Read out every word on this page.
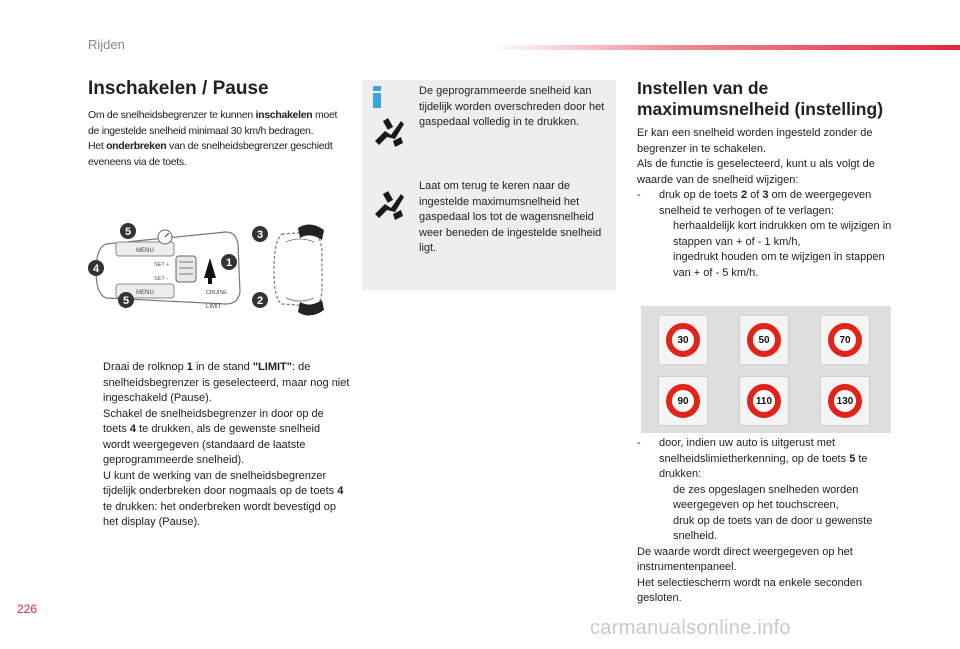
Rijden
Inschakelen / Pause
Om de snelheidsbegrenzer te kunnen inschakelen moet de ingestelde snelheid minimaal 30 km/h bedragen.
Het onderbreken van de snelheidsbegrenzer geschiedt eveneens via de toets.
MENU
MENU
SET +
SET -
LIMIT
CRUISE
5
4	1
5
3
2
Draai de rolknop 1 in de stand "LIMIT": de snelheidsbegrenzer is geselecteerd, maar nog niet ingeschakeld (Pause).
Schakel de snelheidsbegrenzer in door op de toets 4 te drukken, als de gewenste snelheid wordt weergegeven (standaard de laatste geprogrammeerde snelheid).
U kunt de werking van de snelheidsbegrenzer tijdelijk onderbreken door nogmaals op de toets 4 te drukken: het onderbreken wordt bevestigd op het display (Pause).
De geprogrammeerde snelheid kan tijdelijk worden overschreden door het gaspedaal volledig in te drukken.
Laat om terug te keren naar de ingestelde maximumsnelheid het gaspedaal los tot de wagensnelheid weer beneden de ingestelde snelheid ligt.
Instellen van de
maximumsnelheid (instelling)
Er kan een snelheid worden ingesteld zonder de begrenzer in te schakelen.
Als de functie is geselecteerd, kunt u als volgt de waarde van de snelheid wijzigen:
- druk op de toets 2 of 3 om de weergegeven snelheid te verhogen of te verlagen:
herhaaldelijk kort indrukken om te wijzigen in stappen van + of - 1 km/h,
ingedrukt houden om te wijzigen in stappen van + of - 5 km/h.
30	50	70
90	110	130
- door, indien uw auto is uitgerust met snelheidslimietherkenning, op de toets 5 te drukken:
de zes opgeslagen snelheden worden weergegeven op het touchscreen,
druk op de toets van de door u gewenste snelheid.
De waarde wordt direct weergegeven op het instrumentenpaneel.
Het selectiescherm wordt na enkele seconden gesloten.
226
carmanualsonline.info
